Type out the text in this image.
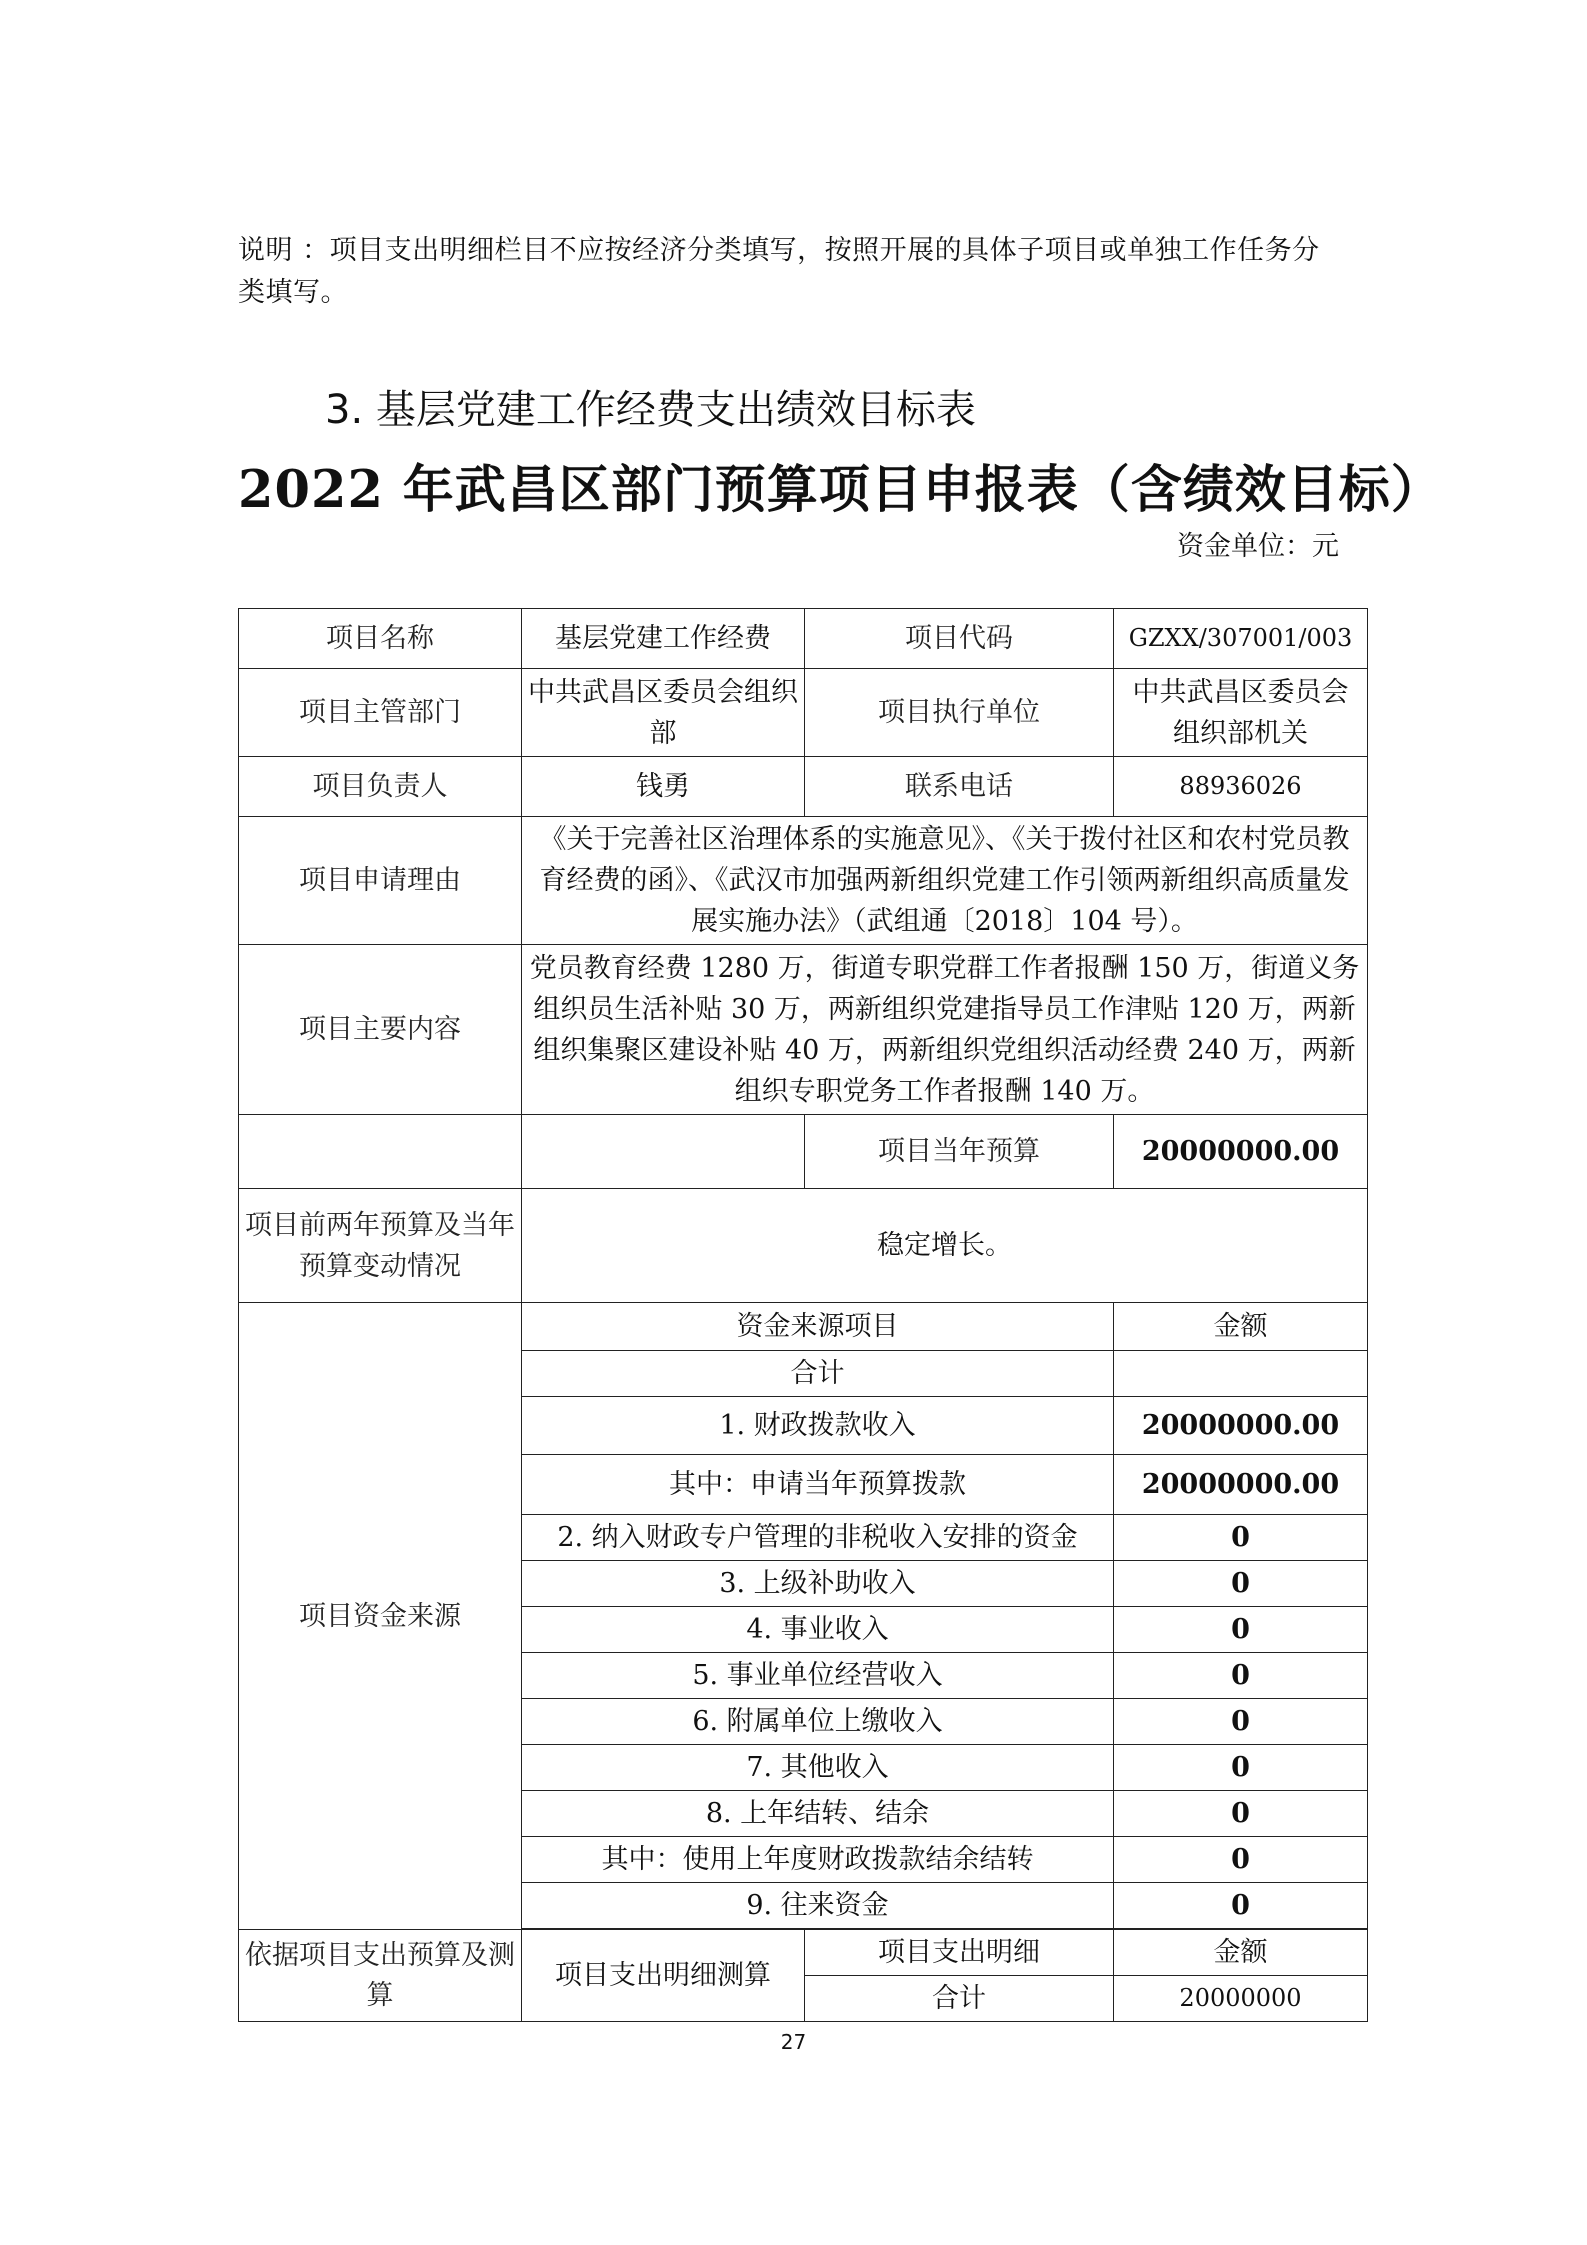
说明 ：项目支出明细栏目不应按经济分类填写，按照开展的具体子项目或单独工作任务分类填写。
3. 基层党建工作经费支出绩效目标表
2022 年武昌区部门预算项目申报表（含绩效目标）
资金单位：元
项目名称	基层党建工作经费	项目代码	GZXX/307001/003
项目主管部门	中共武昌区委员会组织部	项目执行单位	中共武昌区委员会组织部机关
项目负责人	钱勇	联系电话	88936026
项目申请理由	《关于完善社区治理体系的实施意见》、《关于拨付社区和农村党员教育经费的函》、《武汉市加强两新组织党建工作引领两新组织高质量发展实施办法》（武组通〔2018〕104 号）。		
项目主要内容	党员教育经费 1280 万，街道专职党群工作者报酬 150 万，街道义务组织员生活补贴 30 万，两新组织党建指导员工作津贴 120 万，两新组织集聚区建设补贴 40 万，两新组织党组织活动经费 240 万，两新组织专职党务工作者报酬 140 万。		
		项目当年预算	20000000.00
项目前两年预算及当年预算变动情况	稳定增长。		
项目资金来源	资金来源项目		金额
	合计		
	1. 财政拨款收入		20000000.00
	其中：申请当年预算拨款		20000000.00
	2. 纳入财政专户管理的非税收入安排的资金		0
	3. 上级补助收入		0
	4. 事业收入		0
	5. 事业单位经营收入		0
	6. 附属单位上缴收入		0
	7. 其他收入		0
	8. 上年结转、结余		0
	其中：使用上年度财政拨款结余结转		0
	9. 往来资金		0

依据项目支出预算及测算	项目支出明细测算	项目支出明细	金额
		合计	20000000
27
